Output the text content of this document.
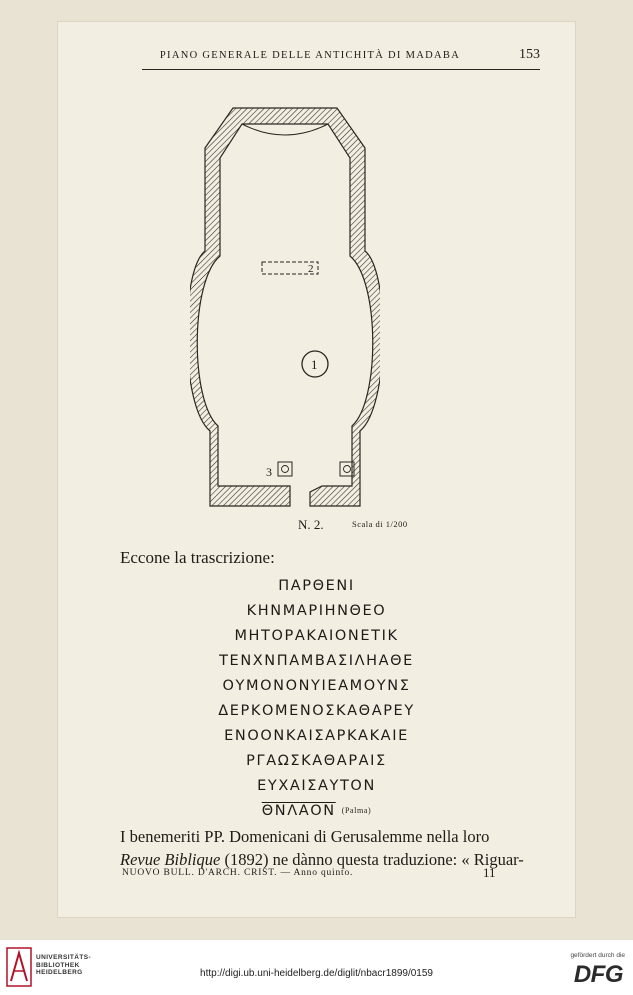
PIANO GENERALE DELLE ANTICHITÀ DI MADABA	153
2
1
3
N. 2.	Scala di 1/200
Eccone la trascrizione:
ΠΑΡΘΕΝΙ
ΚΗΝΜΑΡΙΗΝΘΕΟ
ΜΗΤΟΡΑΚΑΙΟΝΕΤΙΚ
ΤΕΝΧΝΠΑΜΒΑΣΙΛΗΑΘΕ
ΟΥΜΟΝΟΝΥΙΕΑΜΟΥΝΣ
ΔΕΡΚΟΜΕΝΟΣΚΑΘΑΡΕΥ
ΕΝΟΟΝΚΑΙΣΑΡΚΑΚΑΙΕ
ΡΓΑΩΣΚΑΘΑΡΑΙΣ
ΕΥΧΑΙΣΑΥΤΟΝ
ΘΝΛΑΟΝ (Palma)
I benemeriti PP. Domenicani di Gerusalemme nella loro
Revue Biblique (1892) ne dànno questa traduzione: « Riguar-
NUOVO BULL. D'ARCH. CRIST. — Anno quinto.	11
UNIVERSITÄTS-
BIBLIOTHEK
HEIDELBERG	http://digi.ub.uni-heidelberg.de/diglit/nbacr1899/0159
gefördert durch die
DFG
